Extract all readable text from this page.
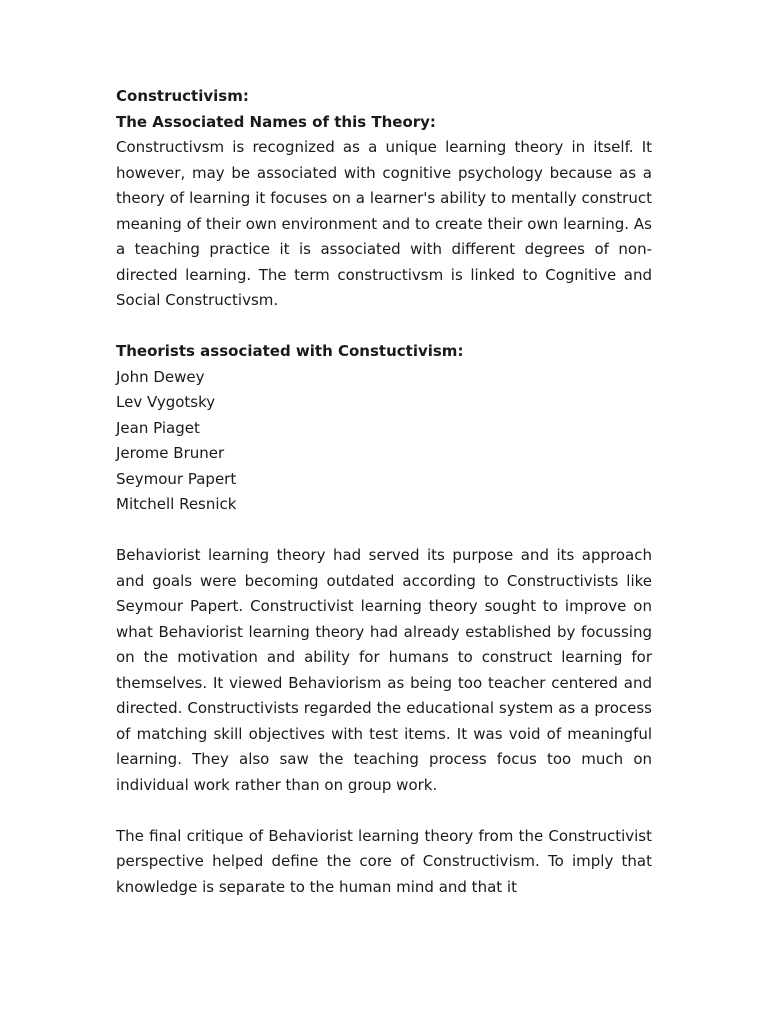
Constructivism:

The Associated Names of this Theory:

Constructivsm is recognized as a unique learning theory in itself. It however, may be associated with cognitive psychology because as a theory of learning it focuses on a learner's ability to mentally construct meaning of their own environment and to create their own learning. As a teaching practice it is associated with different degrees of non-directed learning. The term constructivsm is linked to Cognitive and Social Constructivsm.

Theorists associated with Constuctivism:

John Dewey
Lev Vygotsky
Jean Piaget
Jerome Bruner
Seymour Papert
Mitchell Resnick

Behaviorist learning theory had served its purpose and its approach and goals were becoming outdated according to Constructivists like Seymour Papert. Constructivist learning theory sought to improve on what Behaviorist learning theory had already established by focussing on the motivation and ability for humans to construct learning for themselves. It viewed Behaviorism as being too teacher centered and directed. Constructivists regarded the educational system as a process of matching skill objectives with test items. It was void of meaningful learning. They also saw the teaching process focus too much on individual work rather than on group work.

The final critique of Behaviorist learning theory from the Constructivist perspective helped define the core of Constructivism. To imply that knowledge is separate to the human mind and that it
